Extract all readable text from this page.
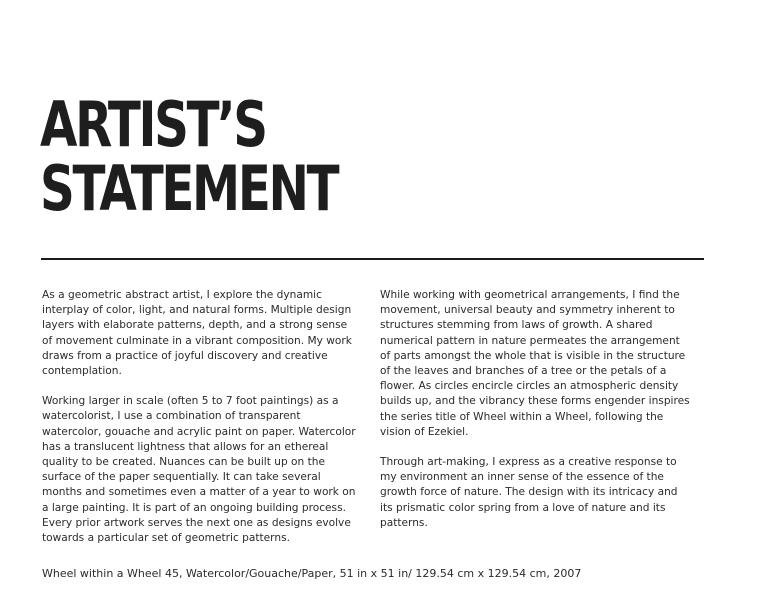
ARTIST’S
STATEMENT

As a geometric abstract artist, I explore the dynamic interplay of color, light, and natural forms. Multiple design layers with elaborate patterns, depth, and a strong sense of movement culminate in a vibrant composition. My work draws from a practice of joyful discovery and creative contemplation.

Working larger in scale (often 5 to 7 foot paintings) as a watercolorist, I use a combination of transparent watercolor, gouache and acrylic paint on paper. Watercolor has a translucent lightness that allows for an ethereal quality to be created. Nuances can be built up on the surface of the paper sequentially. It can take several months and sometimes even a matter of a year to work on a large painting. It is part of an ongoing building process. Every prior artwork serves the next one as designs evolve towards a particular set of geometric patterns.

While working with geometrical arrangements, I find the movement, universal beauty and symmetry inherent to structures stemming from laws of growth. A shared numerical pattern in nature permeates the arrangement of parts amongst the whole that is visible in the structure of the leaves and branches of a tree or the petals of a flower. As circles encircle circles an atmospheric density builds up, and the vibrancy these forms engender inspires the series title of Wheel within a Wheel, following the vision of Ezekiel.

Through art-making, I express as a creative response to my environment an inner sense of the essence of the growth force of nature. The design with its intricacy and its prismatic color spring from a love of nature and its patterns.

Wheel within a Wheel 45, Watercolor/Gouache/Paper, 51 in x 51 in/ 129.54 cm x 129.54 cm, 2007
